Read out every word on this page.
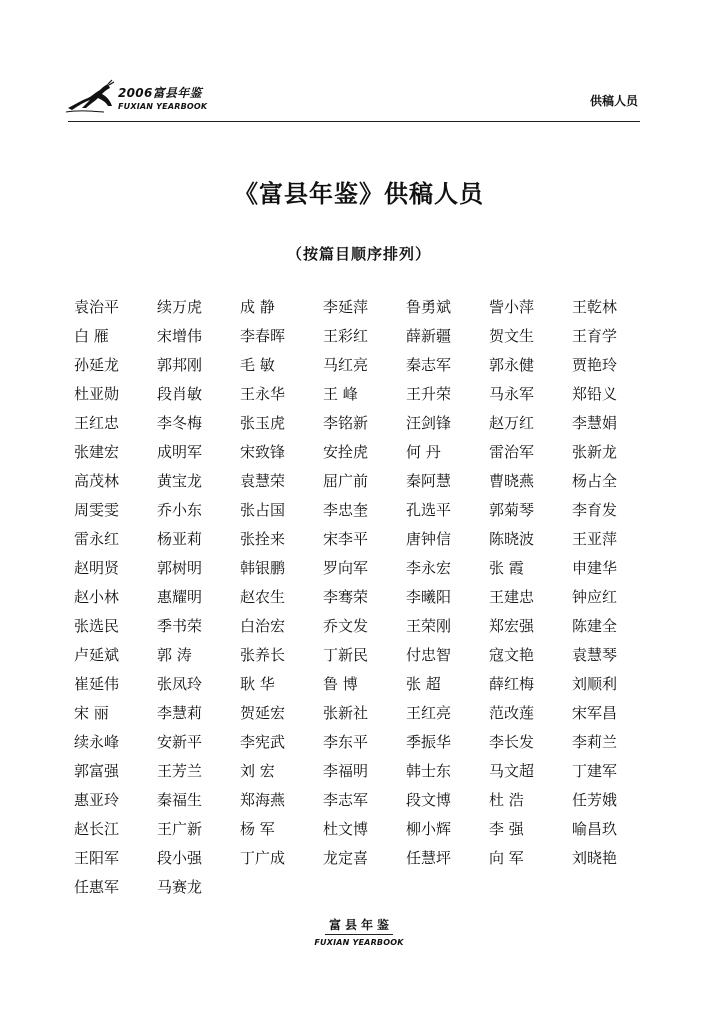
2006富县年鉴
FUXIAN YEARBOOK	供稿人员
《富县年鉴》供稿人员
（按篇目顺序排列）
袁治平	续万虎	成 静	李延萍	鲁勇斌	訾小萍	王乾林
白 雁	宋增伟	李春晖	王彩红	薛新疆	贺文生	王育学
孙延龙	郭邦刚	毛 敏	马红亮	秦志军	郭永健	贾艳玲
杜亚勋	段肖敏	王永华	王 峰	王升荣	马永军	郑铅义
王红忠	李冬梅	张玉虎	李铭新	汪剑锋	赵万红	李慧娟
张建宏	成明军	宋致锋	安拴虎	何 丹	雷治军	张新龙
高茂林	黄宝龙	袁慧荣	屈广前	秦阿慧	曹晓燕	杨占全
周雯雯	乔小东	张占国	李忠奎	孔选平	郭菊琴	李育发
雷永红	杨亚莉	张拴来	宋李平	唐钟信	陈晓波	王亚萍
赵明贤	郭树明	韩银鹏	罗向军	李永宏	张 霞	申建华
赵小林	惠耀明	赵农生	李骞荣	李曦阳	王建忠	钟应红
张选民	季书荣	白治宏	乔文发	王荣刚	郑宏强	陈建全
卢延斌	郭 涛	张养长	丁新民	付忠智	寇文艳	袁慧琴
崔延伟	张凤玲	耿 华	鲁 博	张 超	薛红梅	刘顺利
宋 丽	李慧莉	贺延宏	张新社	王红亮	范改莲	宋军昌
续永峰	安新平	李宪武	李东平	季振华	李长发	李莉兰
郭富强	王芳兰	刘 宏	李福明	韩士东	马文超	丁建军
惠亚玲	秦福生	郑海燕	李志军	段文博	杜 浩	任芳娥
赵长江	王广新	杨 军	杜文博	柳小辉	李 强	喻昌玖
王阳军	段小强	丁广成	龙定喜	任慧坪	向 军	刘晓艳
任惠军	马赛龙
富县年鉴
FUXIAN YEARBOOK
